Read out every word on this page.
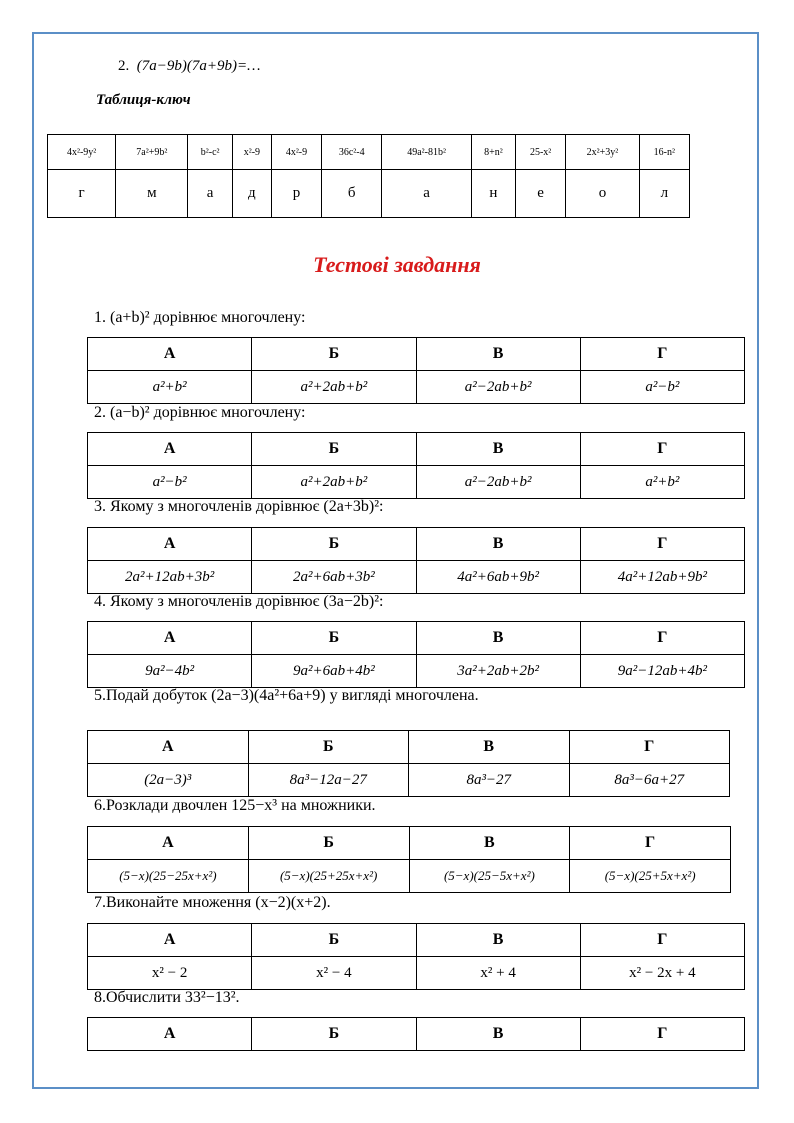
2. (7a−9b)(7a+9b)=…
Таблиця-ключ
4x²-9y²	7a²+9b²	b²-c²	x²-9	4x²-9	36c²-4	49a²-81b²	8+n²	25-x²	2x²+3y²	16-n²
г	м	а	д	р	б	а	н	е	о	л
Тестові завдання
1. (a+b)² дорівнює многочлену:
А	Б	В	Г
a²+b²	a²+2ab+b²	a²−2ab+b²	a²−b²
2. (a−b)² дорівнює многочлену:
А	Б	В	Г
a²−b²	a²+2ab+b²	a²−2ab+b²	a²+b²
3. Якому з многочленів дорівнює (2a+3b)²:
А	Б	В	Г
2a²+12ab+3b²	2a²+6ab+3b²	4a²+6ab+9b²	4a²+12ab+9b²
4. Якому з многочленів дорівнює (3a−2b)²:
А	Б	В	Г
9a²−4b²	9a²+6ab+4b²	3a²+2ab+2b²	9a²−12ab+4b²
5.Подай добуток (2a−3)(4a²+6a+9) у вигляді многочлена.
А	Б	В	Г
(2a−3)³	8a³−12a−27	8a³−27	8a³−6a+27
6.Розклади двочлен 125−x³ на множники.
А	Б	В	Г
(5−x)(25−25x+x²)	(5−x)(25+25x+x²)	(5−x)(25−5x+x²)	(5−x)(25+5x+x²)
7.Виконайте множення (x−2)(x+2).
А	Б	В	Г
x² − 2	x² − 4	x² + 4	x² − 2x + 4
8.Обчислити 33²−13².
А	Б	В	Г
